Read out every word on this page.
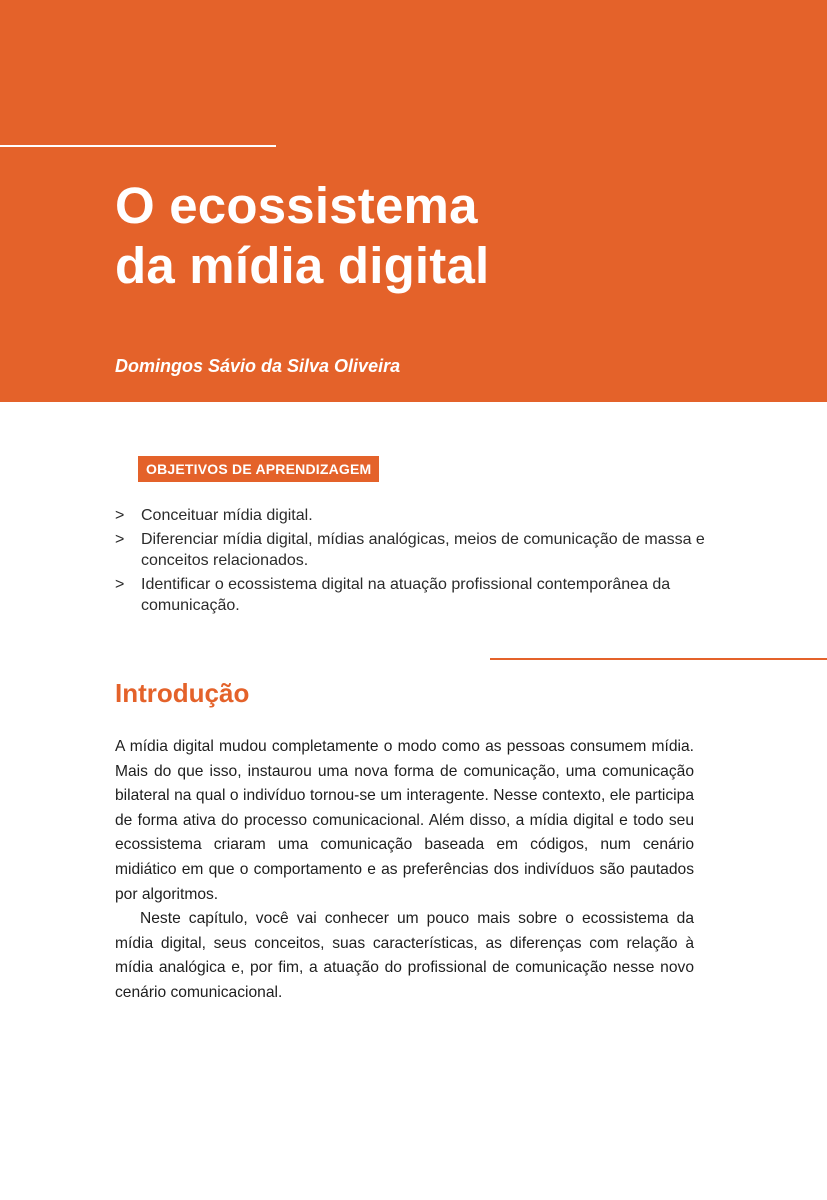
O ecossistema
da mídia digital
Domingos Sávio da Silva Oliveira
OBJETIVOS DE APRENDIZAGEM
> Conceituar mídia digital.
> Diferenciar mídia digital, mídias analógicas, meios de comunicação de massa e conceitos relacionados.
> Identificar o ecossistema digital na atuação profissional contemporânea da comunicação.
Introdução

A mídia digital mudou completamente o modo como as pessoas consumem mídia. Mais do que isso, instaurou uma nova forma de comunicação, uma comunicação bilateral na qual o indivíduo tornou-se um interagente. Nesse contexto, ele participa de forma ativa do processo comunicacional. Além disso, a mídia digital e todo seu ecossistema criaram uma comunicação baseada em códigos, num cenário midiático em que o comportamento e as preferências dos indivíduos são pautados por algoritmos.

Neste capítulo, você vai conhecer um pouco mais sobre o ecossistema da mídia digital, seus conceitos, suas características, as diferenças com relação à mídia analógica e, por fim, a atuação do profissional de comunicação nesse novo cenário comunicacional.
